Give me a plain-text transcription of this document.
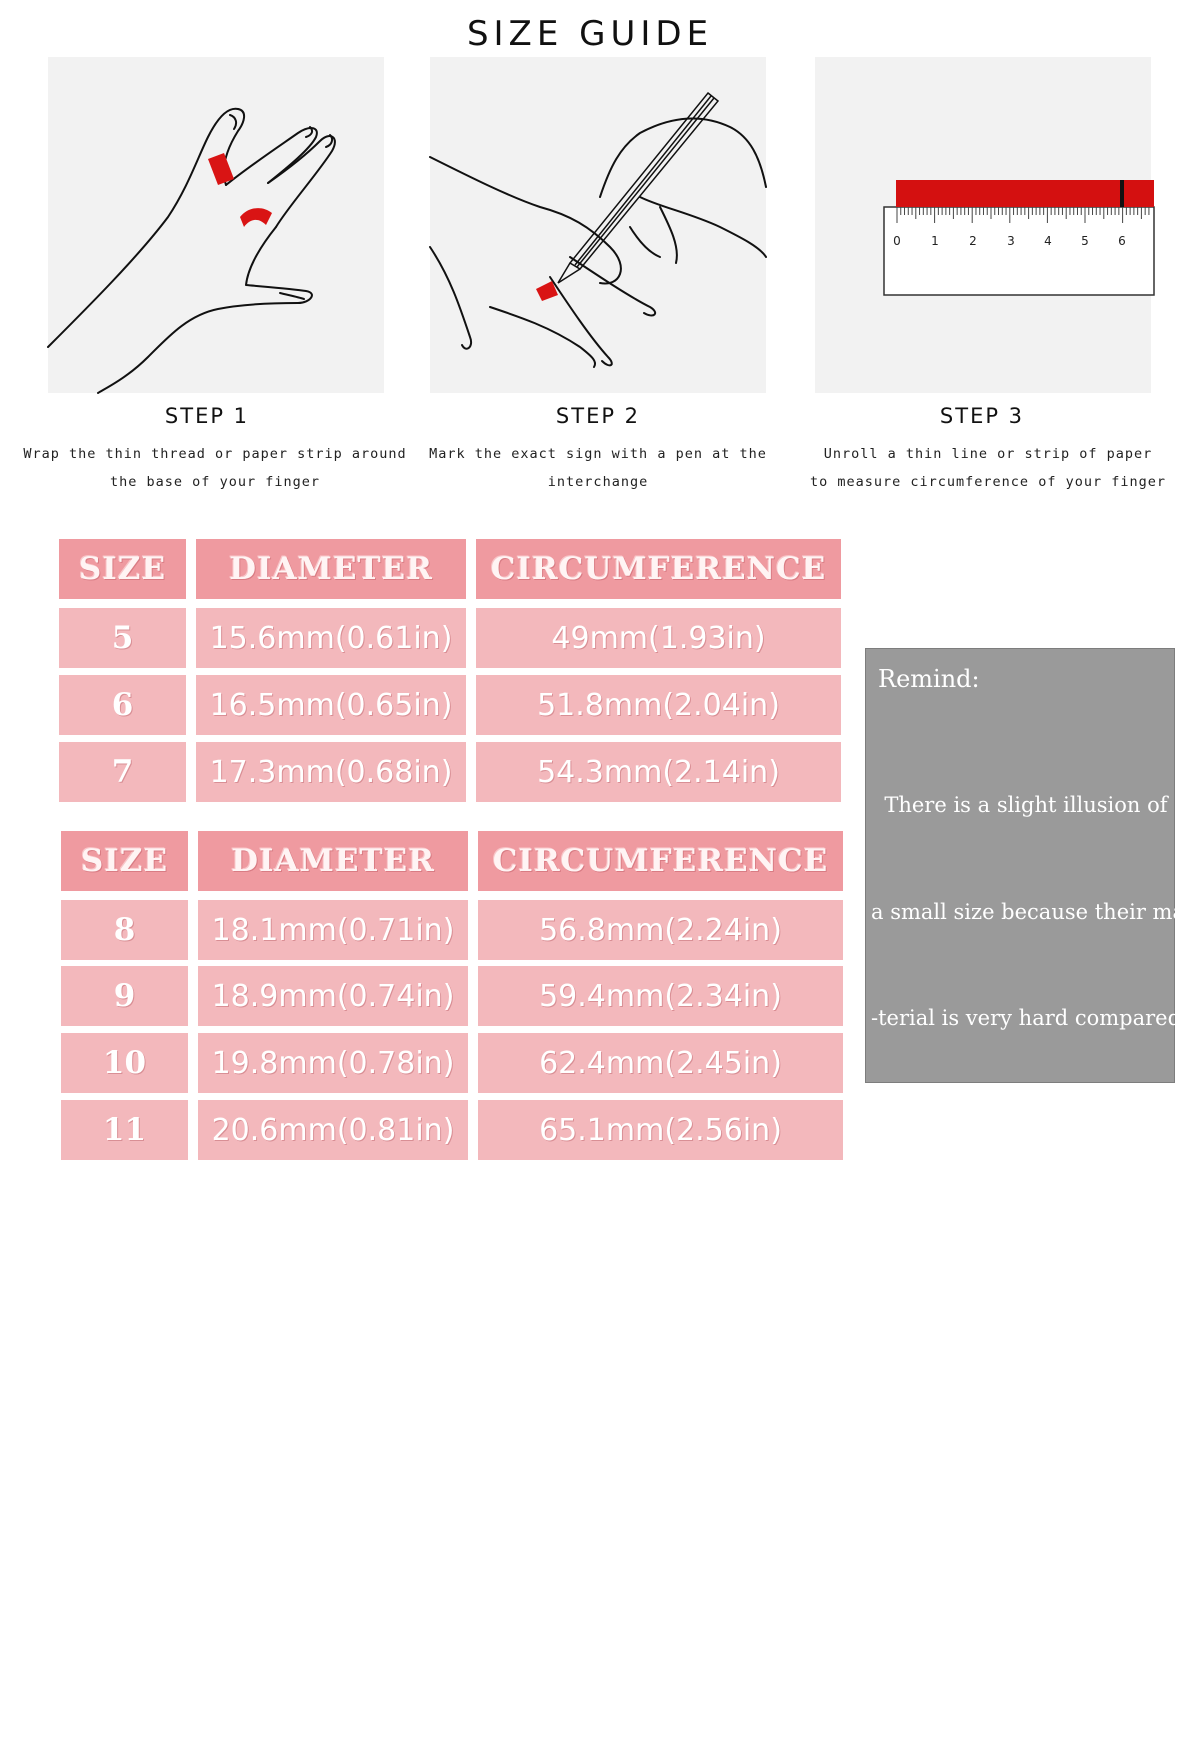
SIZE GUIDE
0	1	2	3 4 5 6
STEP 1
Wrap the thin thread or paper strip around
the base of your finger
STEP 2
Mark the exact sign with a pen at the
interchange
STEP 3
Unroll a thin line or strip of paper
to measure circumference of your finger
SIZE	DIAMETER	CIRCUMFERENCE
5	15.6mm(0.61in)	49mm(1.93in)
6	16.5mm(0.65in)	51.8mm(2.04in)
7	17.3mm(0.68in)	54.3mm(2.14in)
SIZE	DIAMETER	CIRCUMFERENCE
8	18.1mm(0.71in)	56.8mm(2.24in)
9	18.9mm(0.74in)	59.4mm(2.34in)
10	19.8mm(0.78in)	62.4mm(2.45in)
11	20.6mm(0.81in)	65.1mm(2.56in)
Remind:

There is a slight illusion of

a small size because their ma

-terial is very hard compared

with jewelry of other metal,

which is normal,  if you have

slightly plump fingers or larg

-e finger joints, pls choose

stainless rings of one size

up for comfort fit~
